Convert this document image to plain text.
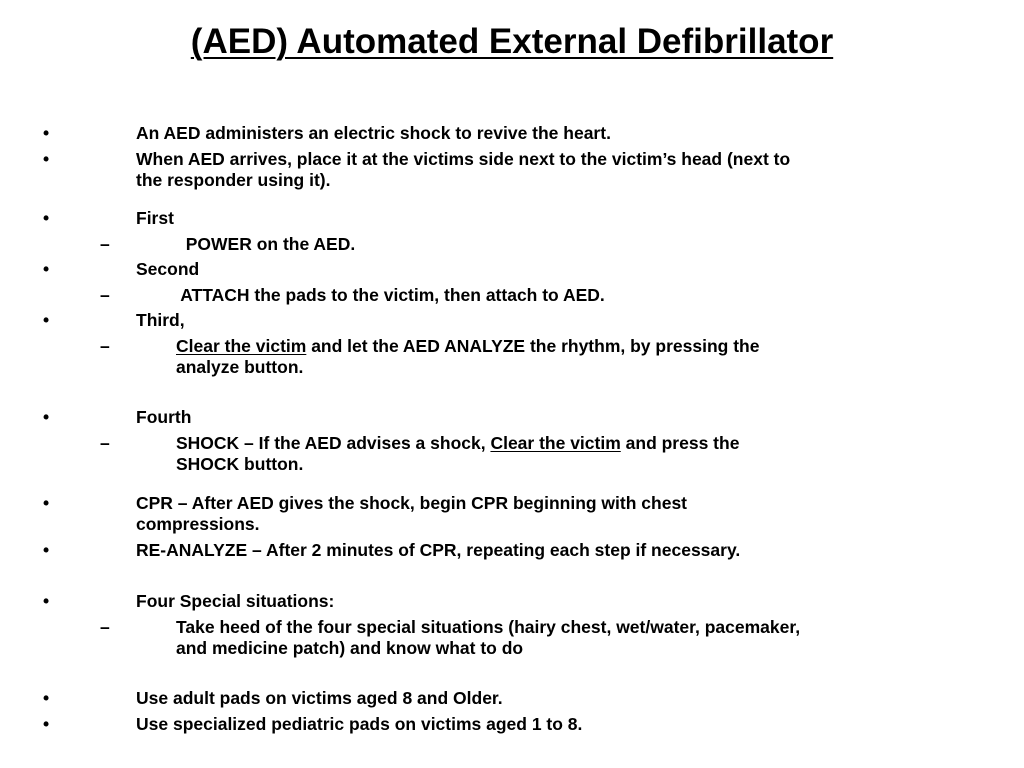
(AED) Automated External Defibrillator
•	An AED administers an electric shock to revive the heart.
•	When AED arrives, place it at the victims side next to the victim’s head (next to
the responder using it).
•	First
–	POWER on the AED.
•	Second
–	ATTACH the pads to the victim, then attach to AED.
•	Third,
–	Clear the victim and let the AED ANALYZE the rhythm, by pressing the
analyze button.
•	Fourth
–	SHOCK – If the AED advises a shock, Clear the victim and press the
SHOCK button.
•	CPR – After AED gives the shock, begin CPR beginning with chest
compressions.
•	RE-ANALYZE – After 2 minutes of CPR, repeating each step if necessary.
•	Four Special situations:
–	Take heed of the four special situations (hairy chest, wet/water, pacemaker,
and medicine patch) and know what to do
•	Use adult pads on victims aged 8 and Older.
•	Use specialized pediatric pads on victims aged 1 to 8.
